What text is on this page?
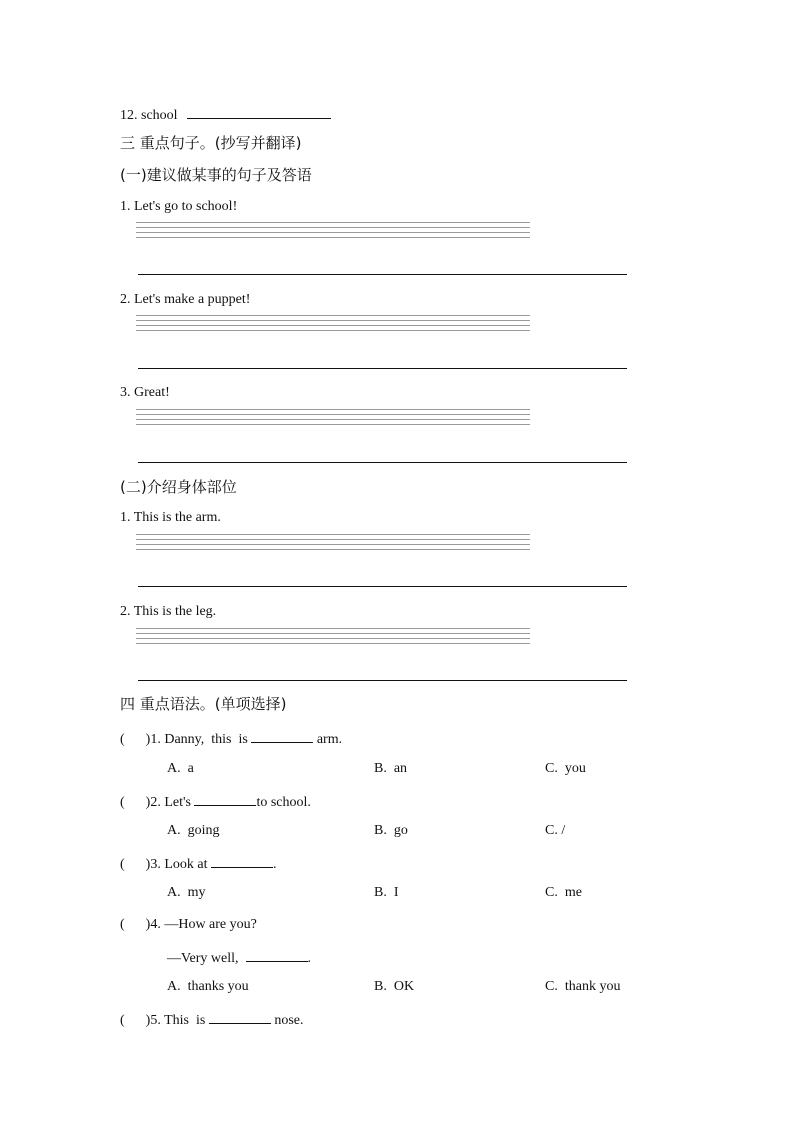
12. school
三 重点句子。(抄写并翻译)
(一)建议做某事的句子及答语
1. Let's go to school!
2. Let's make a puppet!
3. Great!
(二)介绍身体部位
1. This is the arm.
2. This is the leg.
四 重点语法。(单项选择)
(      )1. Danny,  this  is	arm.
A.  a	B.  an	C.  you
(      )2. Let's	to school.
A.  going	B.  go	C. /
(      )3. Look at	.
A.  my	B.  I	C.  me
(      )4. —How are you?
—Very well,	.
A.  thanks you	B.  OK	C.  thank you
(      )5. This  is	nose.
